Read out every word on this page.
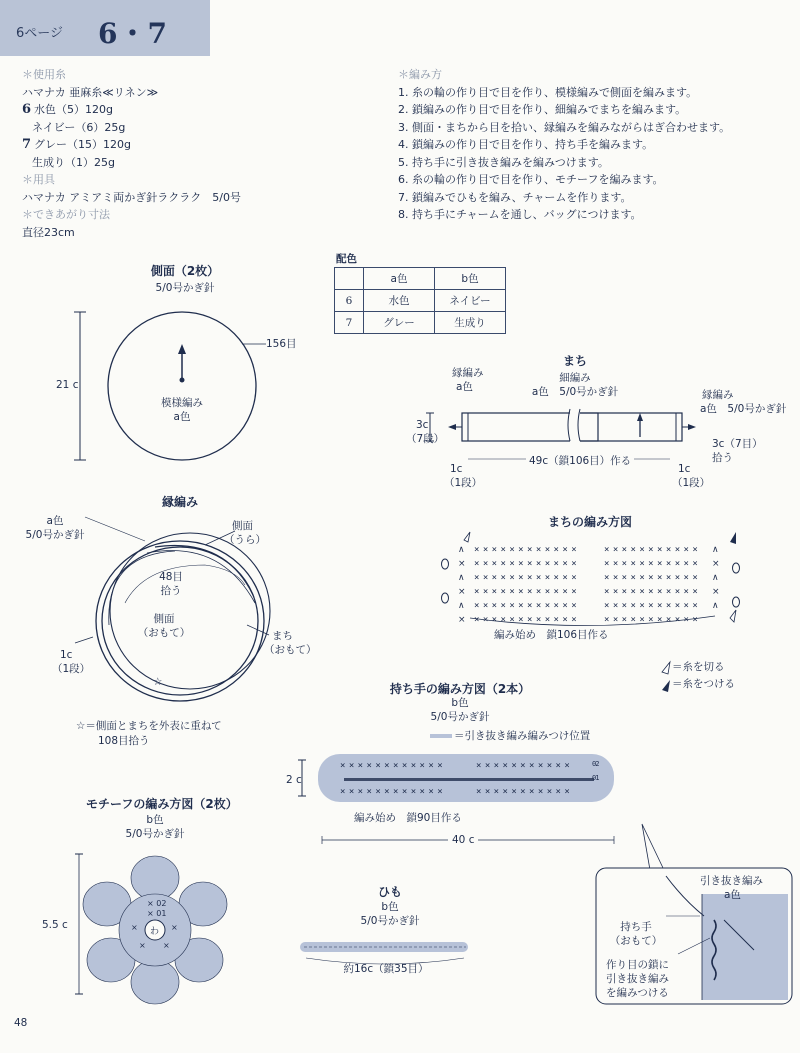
6ページ 6・7
＊使用糸
ハマナカ 亜麻糸≪リネン≫
6 水色（5）120g
ネイビー（6）25g
7 グレー（15）120g
生成り（1）25g
＊用具
ハマナカ アミアミ両かぎ針ラクラク　5/0号
＊できあがり寸法
直径23cm
＊編み方
1. 糸の輪の作り目で目を作り、模様編みで側面を編みます。
2. 鎖編みの作り目で目を作り、細編みでまちを編みます。
3. 側面・まちから目を拾い、縁編みを編みながらはぎ合わせます。
4. 鎖編みの作り目で目を作り、持ち手を編みます。
5. 持ち手に引き抜き編みを編みつけます。
6. 糸の輪の作り目で目を作り、モチーフを編みます。
7. 鎖編みでひもを編み、チャームを作ります。
8. 持ち手にチャームを通し、バッグにつけます。
配色
	a色	b色
6	水色	ネイビー
7	グレー	生成り
側面（2枚）
5/0号かぎ針
156目
21 c
模様編み
a色
まち
縁編み
a色
細編み
a色　5/0号かぎ針	縁編み
a色　5/0号かぎ針
3c
（7段）
49c（鎖106目）作る
3c（7目）
拾う
1c
（1段）
1c
（1段）
まちの編み方図
∧
×
∧
×
∧
×
∧
×
∧
×
∧
× × × × × × × × × × × ×
× × × × × × × × × × × ×
× × × × × × × × × × × ×
× × × × × × × × × × × ×
× × × × × × × × × × × ×
× × × × × × × × × × × ×
× × × × × × × × × × ×
× × × × × × × × × × ×
× × × × × × × × × × ×
× × × × × × × × × × ×
× × × × × × × × × × ×
× × × × × × × × × × ×
編み始め　鎖106目作る
＝糸を切る
＝糸をつける
縁編み
a色
5/0号かぎ針
側面
（うら）
48目
拾う
側面
（おもて）	まち
（おもて）
1c
（1段）
☆
☆＝側面とまちを外表に重ねて
108目拾う
持ち手の編み方図（2本）
b色
5/0号かぎ針
＝引き抜き編み編みつけ位置
2 c
× × × × × × × × × × × ×
× × × × × × × × × × × ×
× × × × × × × × × × ×
× × × × × × × × × × ×
02
01
編み始め　鎖90目作る
40 c
モチーフの編み方図（2枚）
b色
5/0号かぎ針
5.5 c
わ
× 02
× 01
×	×
× ×
ひも
b色
5/0号かぎ針
約16c（鎖35目）
引き抜き編み
a色
持ち手
（おもて）
作り目の鎖に
引き抜き編み
を編みつける
48
